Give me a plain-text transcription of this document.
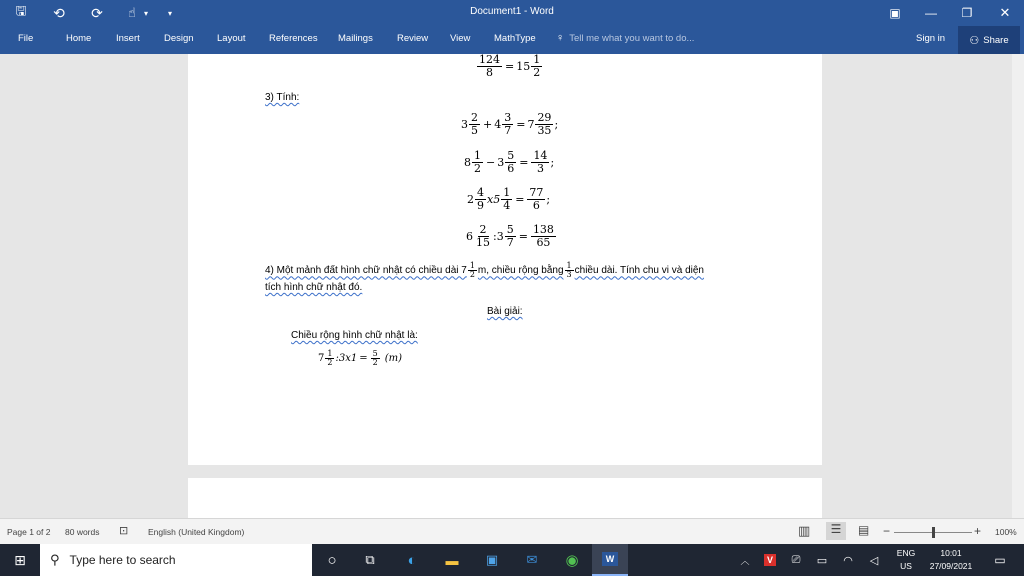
🖫	⟲	⟳	☝	▾	▾	Document1 - Word	▣	—	❐	✕
File	Home	Insert	Design Layout References Mailings	Review View MathType ♀ Tell me what you want to do...	Sign in ⚇ Share
$\frac{124}{8} = 15 \frac{1}{2}$
3) Tính:
$3 \frac{2}{5} + 4 \frac{3}{7} = 7 \frac{29}{35}$ ;
$8 \frac{1}{2} - 3 \frac{5}{6} = \frac{14}{3}$ ;
$2 \frac{4}{9} x5 \frac{1}{4} = \frac{77}{6}$ ;
$6 \frac{2}{15}$ :3 $\frac{5}{7} = \frac{138}{65}$
4) Một mảnh đất hình chữ nhật có chiều dài $7 \frac{1}{2} m$, chiều rộng bằng $\frac{1}{3}$ chiều dài. Tính chu vi và diện
tích hình chữ nhật đó.
Bài giải:
Chiều rộng hình chữ nhật là:
$7 \frac{1}{2}$ :3x1 = $\frac{5}{2} (m)$
Page 1 of 2 80 words ⊡ English (United Kingdom)	▥	☰	▤ −	+ 100%
⊞	⚲ Type here to search	○	⧉	◐	▬ ▣	✉	◉	W	︿	V	⎚	▭	◠	◁
ENG
US
10:01
27/09/2021	▭
